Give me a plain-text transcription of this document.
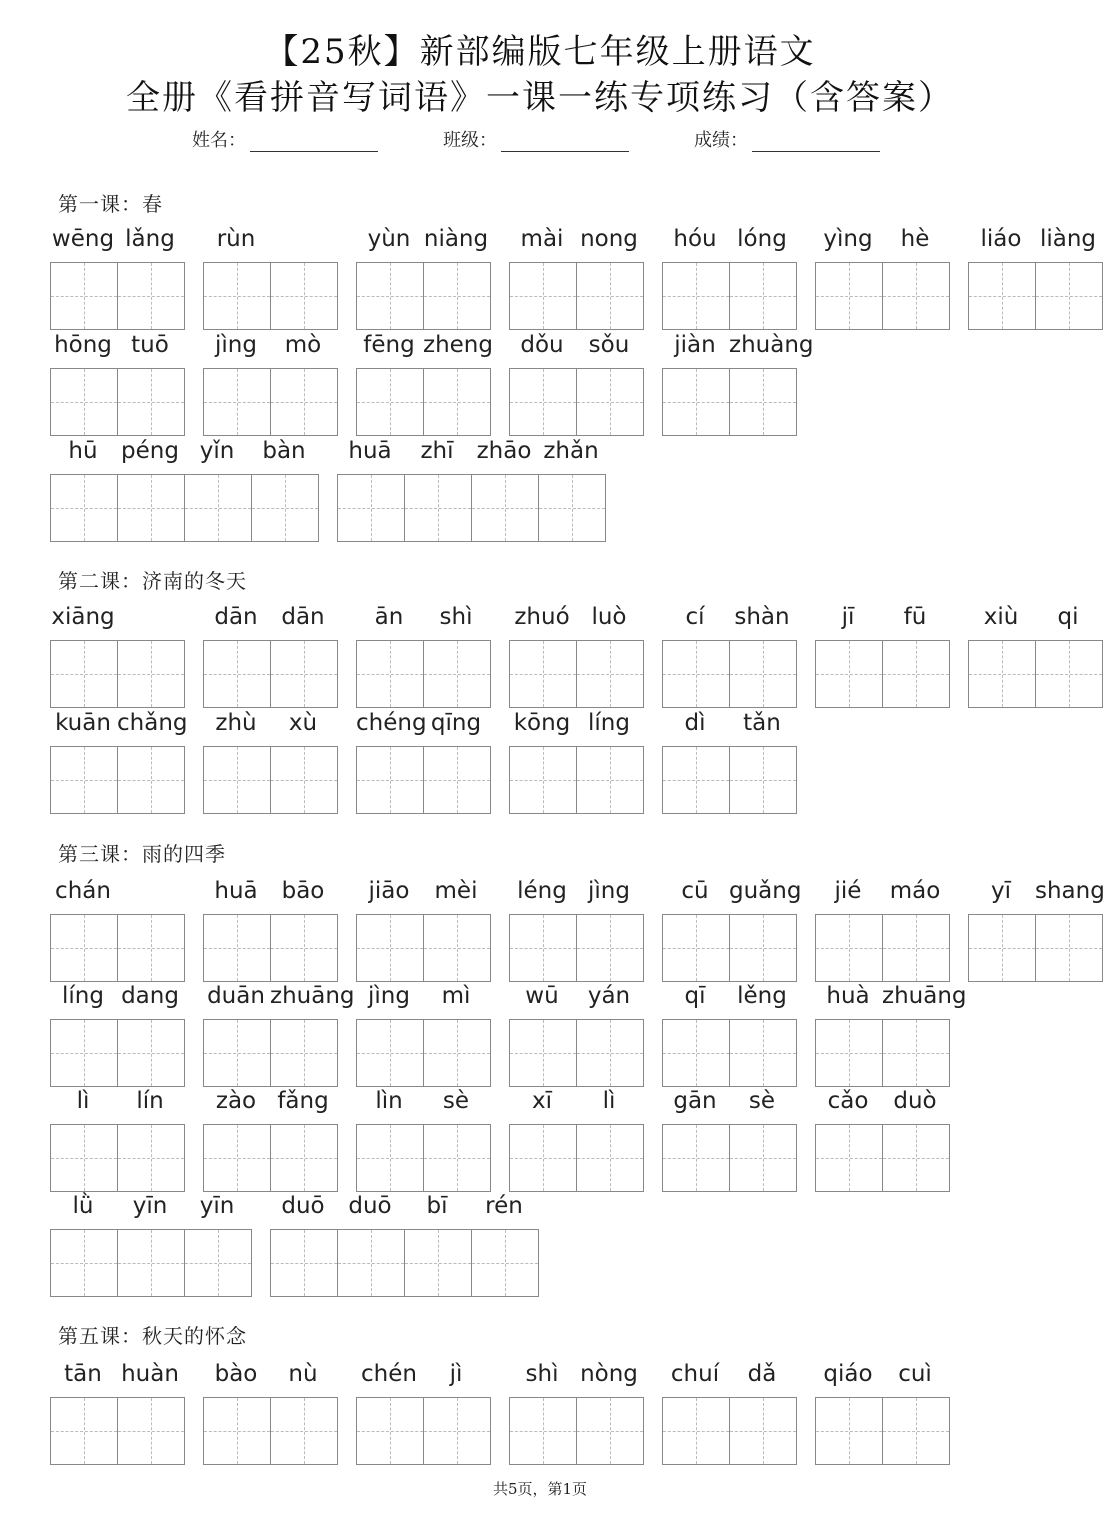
【25秋】新部编版七年级上册语文
全册《看拼音写词语》一课一练专项练习（含答案）
姓名：	班级：	成绩：
第一课：春
wēng lǎng	rùn	yùn niàng	mài nong	hóu lóng	yìng	hè	liáo liàng
hōng tuō	jìng	mò	fēng zheng	dǒu	sǒu	jiàn zhuàng
hū	péng yǐn	bàn	huā	zhī	zhāo zhǎn
第二课：济南的冬天
xiāng	dān	dān	ān	shì	zhuó luò	cí	shàn	jī	fū	xiù	qi
kuān chǎng	zhù	xù	chéng qīng	kōng líng	dì	tǎn
第三课：雨的四季
chán	huā	bāo	jiāo	mèi	léng jìng	cū guǎng	jié	máo	yī	shang
líng dang duān zhuāng jìng	mì	wū	yán	qī	lěng	huà zhuāng
lì	lín	zào fǎng	lìn	sè	xī	lì	gān	sè	cǎo	duò
lǜ	yīn	yīn	duō	duō	bī	rén
第五课：秋天的怀念
tān huàn	bào	nù	chén	jì	shì nòng	chuí	dǎ	qiáo	cuì
共5页，第1页
